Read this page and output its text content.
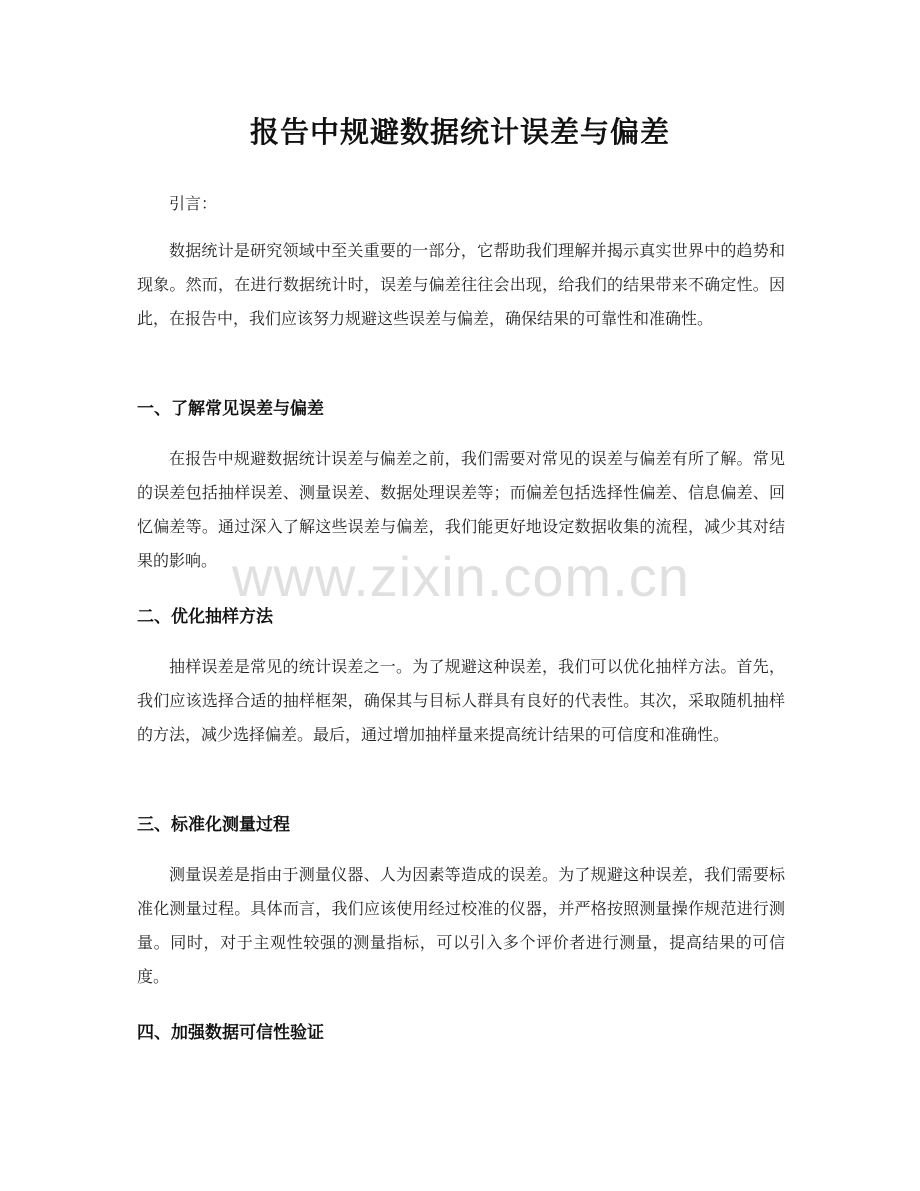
报告中规避数据统计误差与偏差
引言：
数据统计是研究领域中至关重要的一部分，它帮助我们理解并揭示真实世界中的趋势和现象。然而，在进行数据统计时，误差与偏差往往会出现，给我们的结果带来不确定性。因此，在报告中，我们应该努力规避这些误差与偏差，确保结果的可靠性和准确性。
一、了解常见误差与偏差
在报告中规避数据统计误差与偏差之前，我们需要对常见的误差与偏差有所了解。常见的误差包括抽样误差、测量误差、数据处理误差等；而偏差包括选择性偏差、信息偏差、回忆偏差等。通过深入了解这些误差与偏差，我们能更好地设定数据收集的流程，减少其对结果的影响。
二、优化抽样方法
抽样误差是常见的统计误差之一。为了规避这种误差，我们可以优化抽样方法。首先，我们应该选择合适的抽样框架，确保其与目标人群具有良好的代表性。其次，采取随机抽样的方法，减少选择偏差。最后，通过增加抽样量来提高统计结果的可信度和准确性。
三、标准化测量过程
测量误差是指由于测量仪器、人为因素等造成的误差。为了规避这种误差，我们需要标准化测量过程。具体而言，我们应该使用经过校准的仪器，并严格按照测量操作规范进行测量。同时，对于主观性较强的测量指标，可以引入多个评价者进行测量，提高结果的可信度。
四、加强数据可信性验证
www.zixin.com.cn
